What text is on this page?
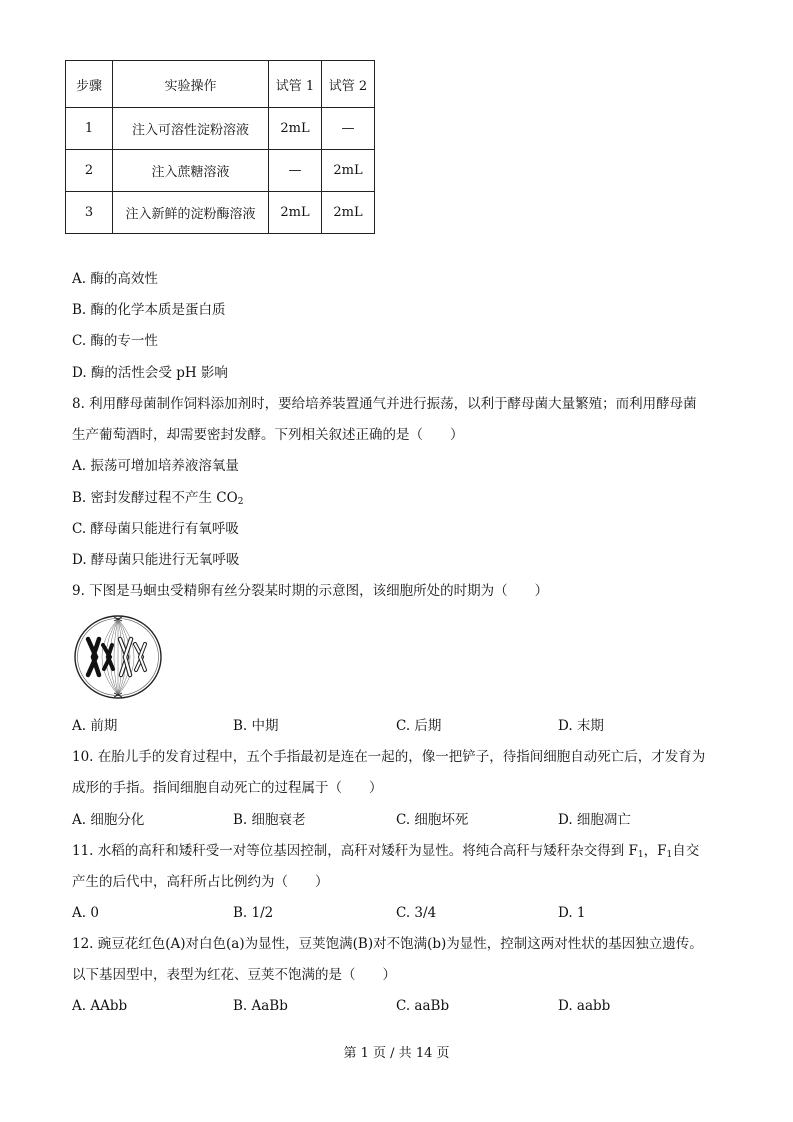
步骤	实验操作	试管 1	试管 2
1	注入可溶性淀粉溶液	2mL	—
2	注入蔗糖溶液	—	2mL
3	注入新鲜的淀粉酶溶液	2mL	2mL
A. 酶的高效性
B. 酶的化学本质是蛋白质
C. 酶的专一性
D. 酶的活性会受 pH 影响
8. 利用酵母菌制作饲料添加剂时，要给培养装置通气并进行振荡，以利于酵母菌大量繁殖；而利用酵母菌
生产葡萄酒时，却需要密封发酵。下列相关叙述正确的是（　　）
A. 振荡可增加培养液溶氧量
B. 密封发酵过程不产生 $CO_2$
C. 酵母菌只能进行有氧呼吸
D. 酵母菌只能进行无氧呼吸
9. 下图是马蛔虫受精卵有丝分裂某时期的示意图，该细胞所处的时期为（　　）
A. 前期	B. 中期	C. 后期	D. 末期
10. 在胎儿手的发育过程中，五个手指最初是连在一起的，像一把铲子，待指间细胞自动死亡后，才发育为
成形的手指。指间细胞自动死亡的过程属于（　　）
A. 细胞分化	B. 细胞衰老	C. 细胞坏死	D. 细胞凋亡
11. 水稻的高秆和矮秆受一对等位基因控制，高秆对矮秆为显性。将纯合高秆与矮秆杂交得到 $F_1$，$F_1$自交
产生的后代中，高秆所占比例约为（　　）
A. 0	B. 1/2	C. 3/4	D. 1
12. 豌豆花红色(A)对白色(a)为显性，豆荚饱满(B)对不饱满(b)为显性，控制这两对性状的基因独立遗传。
以下基因型中，表型为红花、豆荚不饱满的是（　　）
A. AAbb	B. AaBb	C. aaBb	D. aabb
第 1 页 / 共 14 页
